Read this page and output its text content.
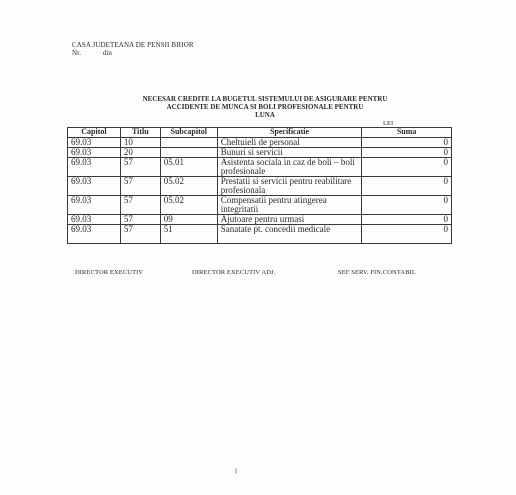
CASA JUDETEANA DE PENSII BIHOR
Nr.	din
NECESAR CREDITE LA BUGETUL SISTEMULUI DE ASIGURARE PENTRU
ACCIDENTE DE MUNCA SI BOLI PROFESIONALE PENTRU
LUNA
LEI
Capitol	Titlu	Subcapitol	Specificatie	Suma
69.03	10		Cheltuieli de personal	0
69.03	20		Bunuri si servicii	0
69.03	57	05.01	Asistenta sociala in caz de boli – boli profesionale	0
69.03	57	05.02	Prestatii si servicii pentru reabilitare profesionala	0
69.03	57	05.02	Compensatii pentru atingerea integritatii	0
69.03	57	09	Ajutoare pentru urmasi	0
69.03	57	51	Sanatate pt. concedii medicale	0
DIRECTOR EXECUTIV	DIRECTOR EXECUTIV ADJ.	SEF SERV. FIN.CONTABIL
